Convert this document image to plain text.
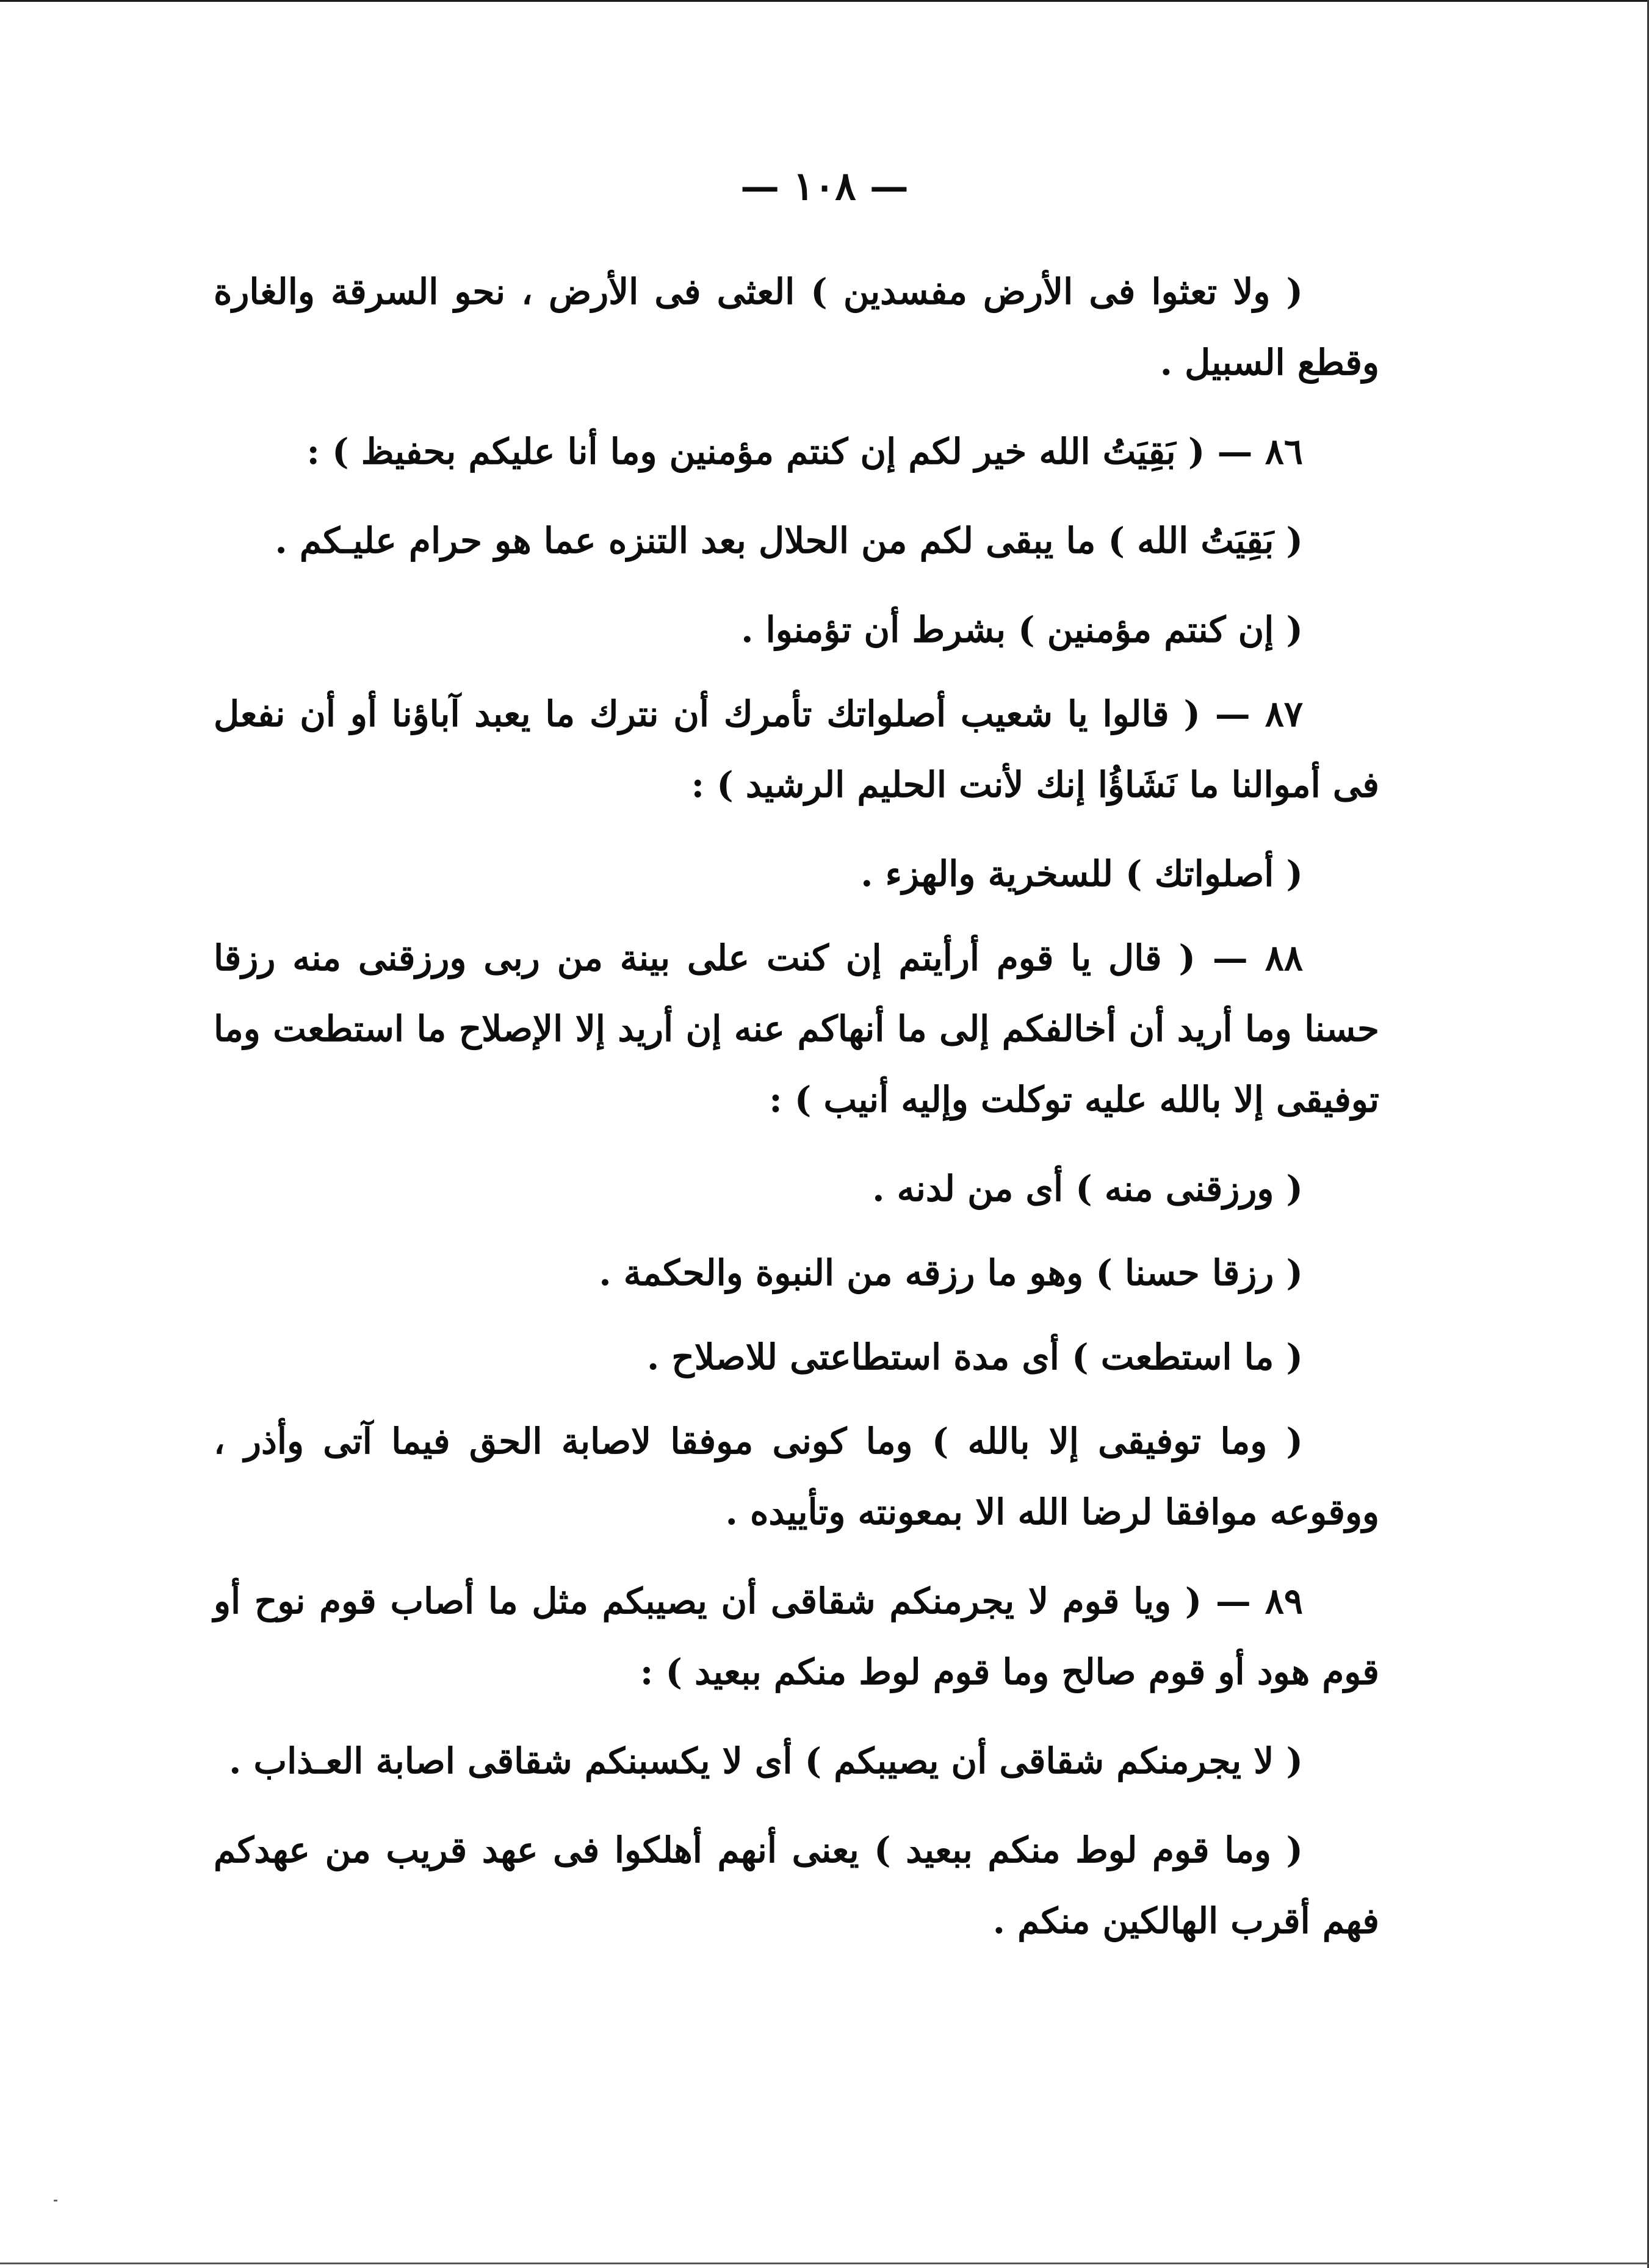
— ١٠٨ —

( ولا تعثوا فى الأرض مفسدين ) العثى فى الأرض ، نحو السرقة والغارة وقطع السبيل .

٨٦ — ( بَقِيَتُ الله خير لكم إن كنتم مؤمنين وما أنا عليكم بحفيظ ) :

( بَقِيَتُ الله ) ما يبقى لكم من الحلال بعد التنزه عما هو حرام عليـكم .

( إن كنتم مؤمنين ) بشرط أن تؤمنوا .

٨٧ — ( قالوا يا شعيب أصلواتك تأمرك أن نترك ما يعبد آباؤنا أو أن نفعل فى أموالنا ما نَشَاؤُا إنك لأنت الحليم الرشيد ) :

( أصلواتك ) للسخرية والهزء .

٨٨ — ( قال يا قوم أرأيتم إن كنت على بينة من ربى ورزقنى منه رزقا حسنا وما أريد أن أخالفكم إلى ما أنهاكم عنه إن أريد إلا الإصلاح ما استطعت وما توفيقى إلا بالله عليه توكلت وإليه أنيب ) :

( ورزقنى منه ) أى من لدنه .

( رزقا حسنا ) وهو ما رزقه من النبوة والحكمة .

( ما استطعت ) أى مدة استطاعتى للاصلاح .

( وما توفيقى إلا بالله ) وما كونى موفقا لاصابة الحق فيما آتى وأذر ، ووقوعه موافقا لرضا الله الا بمعونته وتأييده .

٨٩ — ( ويا قوم لا يجرمنكم شقاقى أن يصيبكم مثل ما أصاب قوم نوح أو قوم هود أو قوم صالح وما قوم لوط منكم ببعيد ) :

( لا يجرمنكم شقاقى أن يصيبكم ) أى لا يكسبنكم شقاقى اصابة العـذاب .

( وما قوم لوط منكم ببعيد ) يعنى أنهم أهلكوا فى عهد قريب من عهدكم فهم أقرب الهالكين منكم .
